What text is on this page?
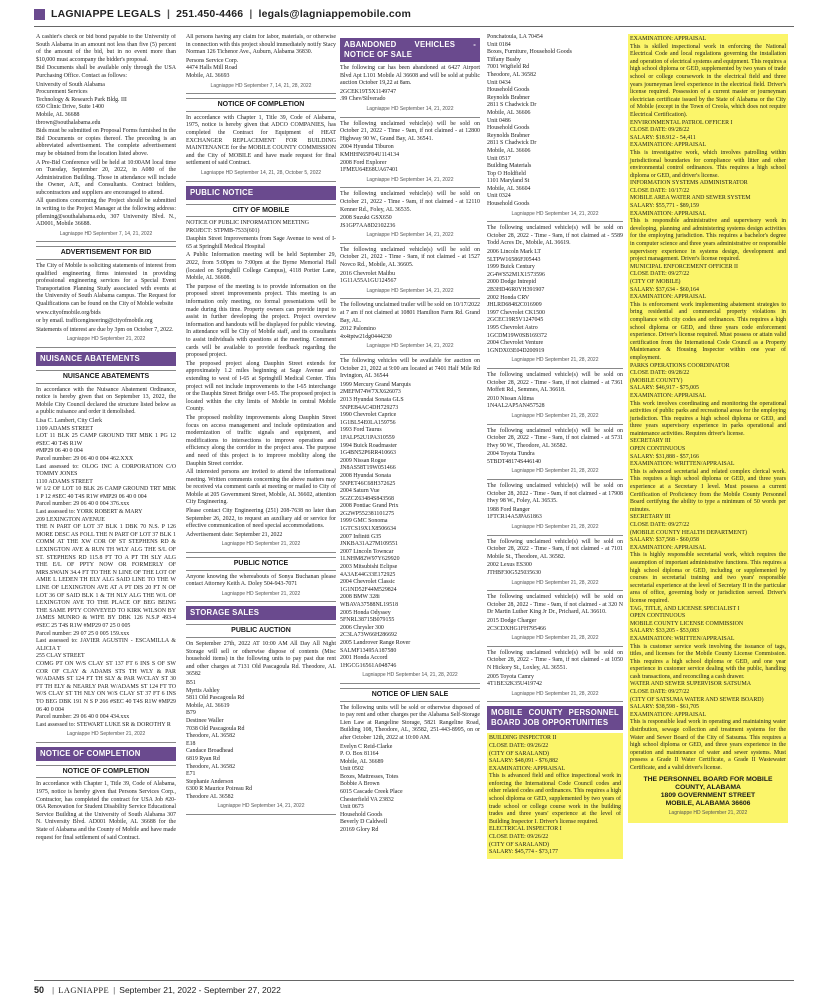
LAGNIAPPE LEGALS | 251.450-4466 | legals@lagniappemobile.com

A cashier's check or bid bond payable to the University of South Alabama in an amount not less than five (5) percent of the amount of the bid, but in no event more than $10,000 must accompany the bidder's proposal.

Bid Documents shall be available only through the USA Purchasing Office. Contact as follows:

University of South Alabama
Procurement Services
Technology & Research Park Bldg. III
650 Clinic Drive, Suite 1400
Mobile, AL 36688
tbrown@southalabama.edu

Bids must be submitted on Proposal Forms furnished in the Bid Documents or copies thereof. The preceding is an abbreviated advertisement. The complete advertisement may be obtained from the location listed above.

A Pre-Bid Conference will be held at 10:00AM local time on Tuesday, September 20, 2022, in A080 of the Administration Building. Those in attendance will include the Owner, A/E, and Consultants. Contract bidders, subcontractors and suppliers are encouraged to attend.

All questions concerning the Project should be submitted in writing to the Project Manager at the following address: pfleming@southalabama.edu, 307 University Blvd. N., AD001, Mobile 36688.

Lagniappe HD September 7, 14, 21, 2022
ADVERTISEMENT FOR BID

The City of Mobile is soliciting statements of interest from qualified engineering firms interested in providing professional engineering services for a Special Event Transportation Planning Study associated with events at the University of South Alabama campus. The Request for Qualifications can be found on the City of Mobile website

www.cityofmobile.org/bids

or by email. trafficengineering@cityofmobile.org

Statements of interest are due by 3pm on October 7, 2022.

Lagniappe HD September 21, 2022
NUISANCE ABATEMENTS
NUISANCE ABATEMENTS

In accordance with the Nuisance Abatement Ordinance, notice is hereby given that on September 13, 2022, the Mobile City Council declared the structure listed below as a public nuisance and order it demolished.

Lisa C. Lambert, City Clerk
1109 ADAMS STREET
LOT 11 BLK 25 CAMP GROUND TRT MBK 1 PG 12 #SEC 40 T4S R1W
#MP29 06 40 0 004
Parcel number: 29 06 40 0 004 462.XXX
Last assessed to: OLOG INC A CORPORATION C/O TOMMY JONES
1110 ADAMS STREET
W 1/2 OF LOT 10 BLK 26 CAMP GROUND TRT MBK 1 P 12 #SEC 40 T4S R1W #MP29 06 40 0 004
Parcel number: 29 06 40 0 004 376.xxx
Last assessed to: YORK ROBERT & MARY
209 LEXINGTON AVENUE
THE N PART OF LOT 37 BLK 1 DBK 70 N.S. P 126 MORE DESC AS FOLL THE N PART OF LOT 37 BLK 1 COMM AT THE XW COR OF ST STEPHENS RD & LEXINGTON AVE & RUN TH WLY ALG THE S/L OF ST. STEPHENS RD 115.8 FT TO A PT TH SLY ALG THE E/L OF PPTY NOW OR FORMERLY OF MRS.SWAIN 34.4 FT TO THE N LINE OF THE LOT OF AMIE L LEDEN TH ELY ALG SAID LINE TO THE W LINE OF LEXINGTON AVE AT A PT DIS 20 FT N OF LOT 36 OF SAID BLK 1 & TH NLY ALG THE W/L OF LEXINGTON AVE TO THE PLACE OF BEG BEING THE SAME PPTY CONVEYED TO KIRK WILSON BY JAMES MUNRO & WIFE BY DBK 126 N.S.P 493-4 #SEC 25 T4S R1W #MP29 07 25 0 005
Parcel number: 29 07 25 0 005 159.xxx
Last assessed to: JAVIER AGUSTIN - ESCAMILLA & ALICIA T
255 CLAY STREET
COMG PT ON W/S CLAY ST 137 FT 6 INS S OF SW COR OF CLAY & ADAMS STS TH WLY & PAR W/ADAMS ST 124 FT TH SLY & PAR W/CLAY ST 30 FT TH ELY & NEARLY PAR W/ADAMS ST 124 FT TO W/S CLAY ST TH NLY ON W/S CLAY ST 37 FT 6 INS TO BEG DBK 191 N S P 266 #SEC 40 T4S R1W #MP29 06 40 0 004
Parcel number: 29 06 40 0 004 434.xxx
Last assessed to: STEWART LUKE SR & DOROTHY R

Lagniappe HD September 21, 2022
NOTICE OF COMPLETION
NOTICE OF COMPLETION

In accordance with Chapter 1, Title 39, Code of Alabama, 1975, notice is hereby given that Persons Services Corp., Contractor, has completed the contract for USA Job #20-06A Renovation for Student Disability Service Educational Service Building at the University of South Alabama 307 N. University Blvd. AD001 Mobile, AL 36688 for the State of Alabama and the County of Mobile and have made request for final settlement of said Contract.

All persons having any claim for labor, materials, or otherwise in connection with this project should immediately notify Stacy Norman 126 Tichenor Ave., Auburn, Alabama 36830.

Persons Service Corp.
4474 Halls Mill Road
Mobile, AL 36693

Lagniappe HD September 7, 14, 21, 28, 2022
NOTICE OF COMPLETION

In accordance with Chapter 1, Title 39, Code of Alabama, 1975, notice is hereby given that ADCO COMPANIES, has completed the Contract for Equipment of HEAT EXCHANGER REPLACEMENT FOR BUILDING MAINTENANCE for the MOBILE COUNTY COMMISSION and the City of MOBILE and have made request for final settlement of said Contract.

Lagniappe HD September 14, 21, 28, October 5, 2022
PUBLIC NOTICE
CITY OF MOBILE

NOTICE OF PUBLIC INFORMATION MEETING
PROJECT: STPMB-7533(601)

Dauphin Street Improvements from Sage Avenue to west of I-65 at Springhill Medical Hospital

A Public Information meeting will be held September 29, 2022, from 5:00pm to 7:00pm at the Byrne Memorial Hall (located on Springhill College Campus), 4118 Portier Lane, Mobile, AL 36608.

The purpose of the meeting is to provide information on the proposed street improvements project. This meeting is an information only meeting, no formal presentations will be made during this time. Property owners can provide input to assist in further developing the project. Project overview information and handouts will be displayed for public viewing. In attendance will be City of Mobile staff, and its consultants to assist individuals with questions at the meeting. Comment cards will be available to provide feedback regarding the proposed project.

The proposed project along Dauphin Street extends for approximately 1.2 miles beginning at Sage Avenue and extending to west of I-65 at Springhill Medical Center. This project will not include improvements to the I-65 interchange or the Dauphin Street Bridge over I-65. The proposed project is located within the city limits of Mobile in central Mobile County.

The proposed mobility improvements along Dauphin Street focus on access management and include optimization and modernization of traffic signals and equipment, and modifications to intersections to improve operations and efficiency along the corridor in the project area. The purpose and need of this project is to improve mobility along the Dauphin Street corridor.

All interested persons are invited to attend the informational meeting. Written comments concerning the above matters may be received via comment cards at meeting or mailed to City of Mobile at 205 Government Street, Mobile, AL 36602, attention City Engineering.

Please contact City Engineering (251) 208-7638 no later than September 26, 2022, to request an auxiliary aid or service for effective communication of need special accommodations.

Advertisement date: September 21, 2022

Lagniappe HD September 21, 2022
PUBLIC NOTICE

Anyone knowing the whereabouts of Sonya Buchanan please contact Attorney Keith A. Doley 504-943-7071

Lagniappe HD September 21, 2022
STORAGE SALES
PUBLIC AUCTION

On September 27th, 2022 AT 10:00 AM All Day All Night Storage will sell or otherwise dispose of contents (Misc household items) in the following units to pay past due rent and other charges at 7131 Old Pascagoula Rd. Theodore, AL 36582

B51
Myrtis Ashley
5811 Old Pascagoula Rd
Mobile, AL 36619
B79
Destinee Waller
7038 Old Pascagoula Rd
Theodore, AL 36582
E18
Candace Broadhead
6819 Ryan Rd
Theodore, AL 36582
E71
Stephanie Anderson
6300 R Maurice Poireau Rd
Theodore AL 36582

Lagniappe HD September 14, 21, 2022
ABANDONED VEHICLES - NOTICE OF SALE

The following car has been abandoned at 6427 Airport Blvd Apt L101 Mobile Al 36608 and will be sold at public auction October 19,22 at 8am.

2GCEK19T5X1149747
.99 Chev/Silverado

Lagniappe HD September 14, 21, 2022

The following unclaimed vehicle(s) will be sold on October 21, 2022 - Time - 9am, if not claimed - at 12800 Highway 90 W., Grand Bay, AL 36541.

2004 Hyundai Tiburon
KMHHN65F04U114134
2008 Ford Explorer
1FMEU64E68UA67401

Lagniappe HD September 14, 21, 2022

The following unclaimed vehicle(s) will be sold on October 21, 2022 - Time - 9am, if not claimed - at 12110 Kenner Rd., Foley, AL 36535.

2008 Suzuki GSX650
JS1GP7AA8D2102236

Lagniappe HD September 14, 21, 2022

The following unclaimed vehicle(s) will be sold on October 21, 2022 - Time - 9am, if not claimed - at 1527 Novco Rd., Mobile, AL 36605.

2016 Chevrolet Malibu
1G11A55A1GU124567

Lagniappe HD September 14, 21, 2022

The following unclaimed trailer will be sold on 10/17/2022 at 7 am if not claimed at 10801 Hamilton Farm Rd. Grand Bay, AL.

2012 Palomino
4x4tptw21dg0444230

Lagniappe HD September 14, 21, 2022

The following vehicles will be available for auction on October 21, 2022 at 9:00 am located at 7401 Half Mile Rd Irvington, AL 36544

1999 Mercury Grand Marquis
2MEFM74W7XX626073
2013 Hyundai Sonata GLS
5NPEB4AC4DH729273
1990 Chevrolet Caprice
1G1BL54E0LA159756
1993 Ford Taurus
1FALP52U1PA310559
1994 Buick Roadmaster
1G4BN52P6RR410663
2009 Nissan Rogue
JN8AS58T19W051466
2008 Hyundai Sonata
5NPET46C68H372625
2004 Saturn Vue
5GZCZ63484S843568
2008 Pontiac Grand Prix
2G2WP552381101275
1999 GMC Sonoma
1GTCS19X1X8506634
2007 Infiniti G35
JNKBA31A27M109551
2007 Lincoln Towncar
1LNHM82W97Y629920
2003 Mitsubishi Eclipse
4A3AE44G33E172925
2004 Chevrolet Classic
1G1ND52F44M529824
2008 BMW 328i
WBAVA37588NL19518
2005 Honda Odyssey
5FNRL38715B079155
2006 Chrysler 300
2C3LA73W66H286692
2005 Landrover Range Rover
SALMF13495A187580
2001 Honda Accord
1HGCG16561A048746

Lagniappe HD September 14, 21, 28, 2022
NOTICE OF LIEN SALE

The following units will be sold or otherwise disposed of to pay rent and other charges per the Alabama Self-Storage Lien Law at Rangeline Storage, 5821 Rangeline Road, Building 108, Theodore, AL, 36582, 251-443-8995, on or after October 12th, 2022 at 10:00 AM.

Evelyn C Reid-Clarke
P. O. Box 81164
Mobile, AL 36689
Unit 0502
Boxes, Mattresses, Totes
Bobbie A Brown
6015 Cascade Creek Place
Chesterfield VA 23832
Unit 0673
Household Goods
Beverly D Caldwell
20169 Glory Rd

Ponchatoula, LA 70454
Unit 0184
Boxes, Furniture, Household Goods
Tiffany Busby
7001 Wigfield Rd
Theodore, AL 36582
Unit 0434
Household Goods
Reynolds Brabner
2811 S Chadwick Dr
Mobile, AL 36606
Unit 0486
Household Goods
Reynolds Brabner
2811 S Chadwick Dr
Mobile, AL 36606
Unit 0517
Building Materials
Top O Holdfield
1101 Maryland St
Mobile, AL 36604
Unit 0324
Household Goods

Lagniappe HD September 14, 21, 2022

The following unclaimed vehicle(s) will be sold on October 28, 2022 - Time - 9am, if not claimed at - 5589 Todd Acres Dr., Mobile, AL 36619.

2006 Lincoln Mark LT
5LTPW16586FJ05443
1999 Buick Century
2G4WS52M1X1573596
2000 Dodge Intrepid
2B3HD46R0YH391907
2002 Honda CRV
JHLRD68482C016909
1997 Chevrolet CK1500
2GCEC19R5V1247045
1995 Chevrolet Astro
1GCDM19W0SB169372
2004 Chevrolet Venture
1GNDX03E04D200919

Lagniappe HD September 21, 28, 2022

The following unclaimed vehicle(s) will be sold on October 28, 2022 - Time - 9am, if not claimed - at 7361 Moffett Rd., Semmes, AL 36618.

2010 Nissan Altima
1N4AL2AP5AN457528

Lagniappe HD September 21, 28, 2022

The following unclaimed vehicle(s) will be sold on October 28, 2022 - Time - 9am, if not claimed - at 5731 Hwy 90 W., Theodore, AL 36582.

2004 Toyota Tundra
5TBDT48174S446140

Lagniappe HD September 21, 28, 2022

The following unclaimed vehicle(s) will be sold on October 28, 2022 - Time - 9am, if not claimed - at 17908 Hwy 98 W., Foley, AL 36535.

1988 Ford Ranger
1FTCR14A5JPA61863

Lagniappe HD September 21, 28, 2022

The following unclaimed vehicle(s) will be sold on October 28, 2022 - Time - 9am, if not claimed - at 7101 Mobile St., Theodore, AL 36582.

2002 Lexus ES300
JTHBF30G525035630

Lagniappe HD September 21, 28, 2022

The following unclaimed vehicle(s) will be sold on October 28, 2022 - Time - 9am, if not claimed - at 320 N Dr Martin Luther King Jr Dr., Prichard, AL 36610.

2015 Dodge Charger
2C3CDXHG1FH795466

Lagniappe HD September 21, 28, 2022

The following unclaimed vehicle(s) will be sold on October 28, 2022 - Time - 9am, if not claimed - at 1050 N Hickory St., Loxley, AL 36551.

2005 Toyota Camry
4T1BE32K35U419742

Lagniappe HD September 21, 28, 2022
MOBILE COUNTY PERSONNEL BOARD JOB OPPORTUNITIES

BUILDING INSPECTOR II
CLOSE DATE: 09/26/22
(CITY OF SARALAND)
SALARY: $48,091 - $76,882
EXAMINATION: APPRAISAL
This is advanced field and office inspectional work in enforcing the International Code Council codes and other related codes and ordinances. This requires a high school diploma or GED, supplemented by two years of trade school or college course work in the building trades and three years' experience at the level of Building Inspector I. Driver's license required.
ELECTRICAL INSPECTOR I
CLOSE DATE: 09/26/22
(CITY OF SARALAND)
SALARY: $45,774 - $73,177

EXAMINATION: APPRAISAL
This is skilled inspectional work in enforcing the National Electrical Code and local regulations governing the installation and operation of electrical systems and equipment. This requires a high school diploma or GED, supplemented by two years of trade school or college coursework in the electrical field and three years journeyman level experience in the electrical field. Driver's license required. Possession of a current master or journeyman electrician certificate issued by the State of Alabama or the City of Mobile (except in the Town of Creola, which does not require Electrical Certification).
ENVIRONMENTAL PATROL OFFICER I
CLOSE DATE: 09/28/22
SALARY: $18.912 - 54,411
EXAMINATION: APPRAISAL
This is investigative work, which involves patrolling within jurisdictional boundaries for compliance with litter and other environmental control ordinances. This requires a high school diploma or GED, and driver's license.
INFORMATION SYSTEMS ADMINISTRATOR
CLOSE DATE: 10/17/22
MOBILE AREA WATER AND SEWER SYSTEM
SALARY: $55,771 - $89,159
EXAMINATION: APPRAISAL
This is responsible administrative and supervisory work in developing, planning and administering systems design activities for the employing jurisdiction. This requires a bachelor's degree in computer science and three years administrative or responsible supervisory experience in systems design, development and project management. Driver's license required.
MUNICIPAL ENFORCEMENT OFFICER II
CLOSE DATE: 09/27/22
(CITY OF MOBILE)
SALARY: $37,634 - $60,164
EXAMINATION: APPRAISAL
This is enforcement work implementing abatement strategies to bring residential and commercial property violations in compliance with city codes and ordinances. This requires a high school diploma or GED, and three years code enforcement experience. Driver's license required. Must possess or attain valid certification from the International Code Council as a Property Maintenance & Housing Inspector within one year of employment.
PARKS OPERATIONS COORDINATOR
CLOSE DATE: 09/28/22
(MOBILE COUNTY)
SALARY: $46,917 - $75,005
EXAMINATION: APPRAISAL
This work involves coordinating and monitoring the operational activities of public parks and recreational areas for the employing jurisdiction. This requires a high school diploma or GED, and three years supervisory experience in parks operational and maintenance activities. Requires driver's license.
SECRETARY III
OPEN CONTINUOUS
SALARY: $31,888 - $57,166
EXAMINATION: WRITTEN/APPRAISAL
This is advanced secretarial and related complex clerical work. This requires a high school diploma or GED, and three years experience at a Secretary I level. Must possess a current Certification of Proficiency from the Mobile County Personnel Board certifying the ability to type a minimum of 50 words per minutes.
SECRETARY III
CLOSE DATE: 09/27/22
(MOBILE COUNTY HEALTH DEPARTMENT)
SALARY: $37,568 - $60,058
EXAMINATION: APPRAISAL
This is highly responsible secretarial work, which requires the assumption of important administrative functions. This requires a high school diploma or GED, including or supplemented by courses in secretarial training and two years' responsible secretarial experience at the level of Secretary II in the particular area of office, governing body or jurisdiction served. Driver's license required.
TAG, TITLE, AND LICENSE SPECIALIST I
OPEN CONTINUOUS
MOBILE COUNTY LICENSE COMMISSION
SALARY: $33,205 - $53,083
EXAMINATION: WRITTEN/APPRAISAL
This is customer service work involving the issuance of tags, titles, and licenses for the Mobile County License Commission. This requires a high school diploma or GED, and one year experience in customer service dealing with the public, handling cash transactions, and reconciling a cash drawer.
WATER AND SEWER SUPERVISOR SATSUMA
CLOSE DATE: 09/27/22
(CITY OF SATSUMA WATER AND SEWER BOARD)
SALARY: $38,598 - $61,705
EXAMINATION: APPRAISAL
This is responsible lead work in operating and maintaining water distribution, sewage collection and treatment systems for the Water and Sewer Board of the City of Satsuma. This requires a high school diploma or GED, and three years experience in the operation and maintenance of water and sewer systems. Must possess a Grade II Water Certificate, a Grade II Wastewater Certificate, and a valid driver's license.

THE PERSONNEL BOARD FOR MOBILE COUNTY, ALABAMA
1809 GOVERNMENT STREET
MOBILE, ALABAMA 36606
Lagniappe HD September 21, 2022
50 | LAGNIAPPE | September 21, 2022 - September 27, 2022
